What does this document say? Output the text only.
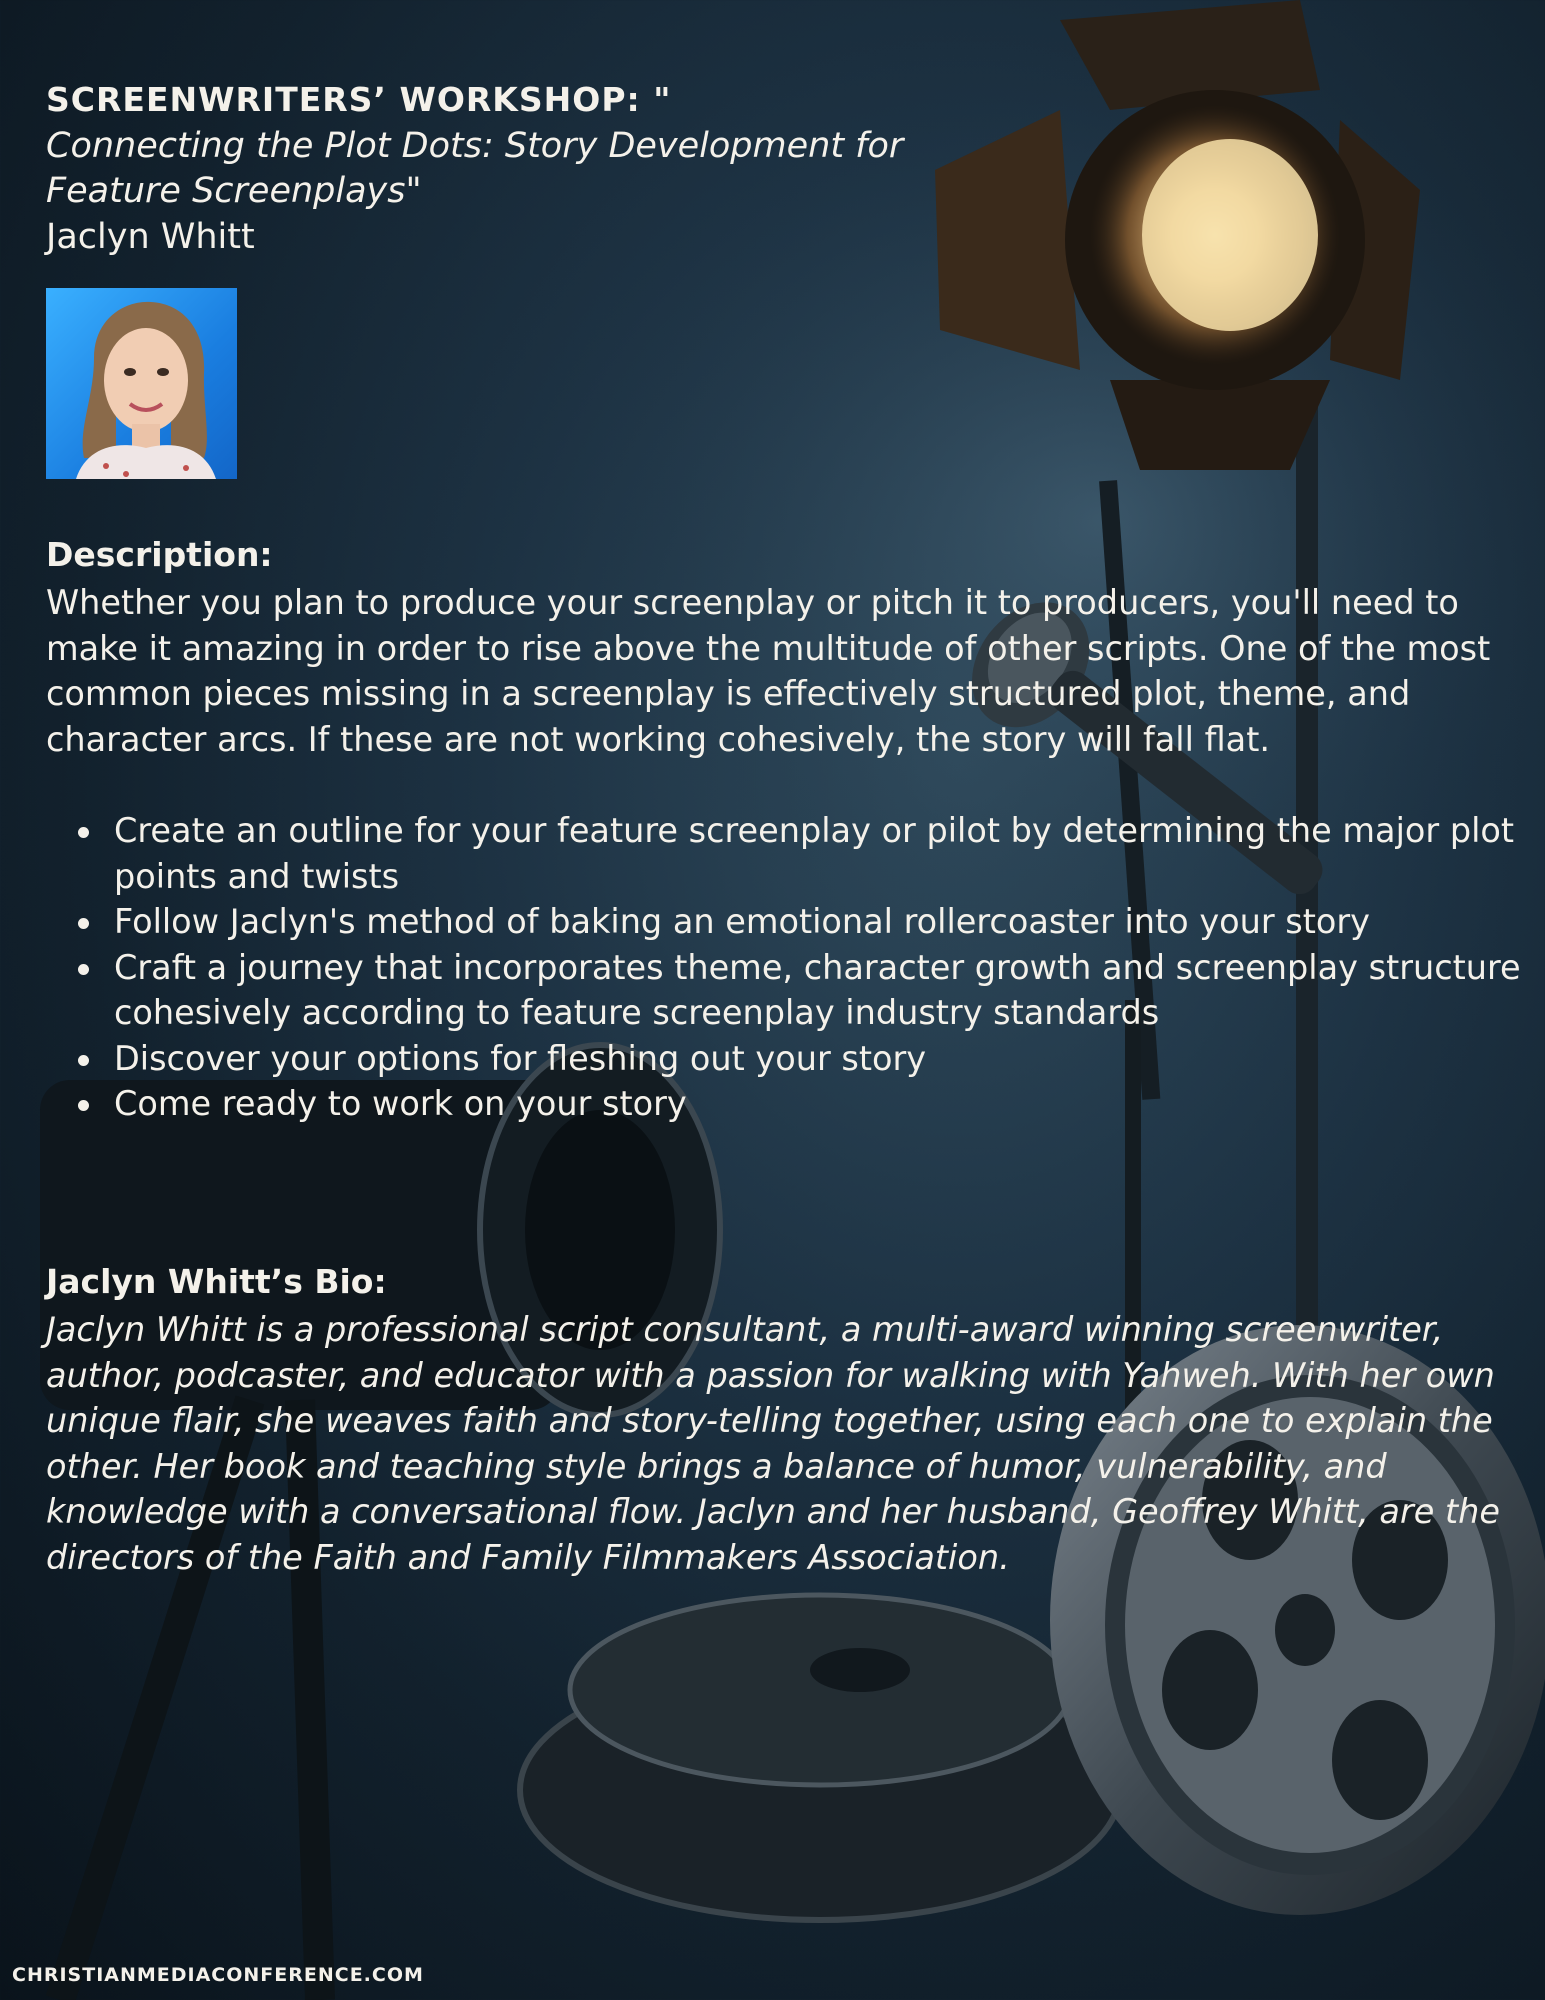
SCREENWRITERS’ WORKSHOP: "
Connecting the Plot Dots: Story Development for Feature Screenplays"
Jaclyn Whitt
Description:
Whether you plan to produce your screenplay or pitch it to producers, you'll need to make it amazing in order to rise above the multitude of other scripts. One of the most common pieces missing in a screenplay is effectively structured plot, theme, and character arcs. If these are not working cohesively, the story will fall flat.
Create an outline for your feature screenplay or pilot by determining the major plot points and twists
Follow Jaclyn's method of baking an emotional rollercoaster into your story
Craft a journey that incorporates theme, character growth and screenplay structure cohesively according to feature screenplay industry standards
Discover your options for fleshing out your story
Come ready to work on your story
Jaclyn Whitt’s Bio:
Jaclyn Whitt is a professional script consultant, a multi-award winning screenwriter, author, podcaster, and educator with a passion for walking with Yahweh. With her own unique flair, she weaves faith and story-telling together, using each one to explain the other. Her book and teaching style brings a balance of humor, vulnerability, and knowledge with a conversational flow. Jaclyn and her husband, Geoffrey Whitt, are the directors of the Faith and Family Filmmakers Association.
CHRISTIANMEDIACONFERENCE.COM
